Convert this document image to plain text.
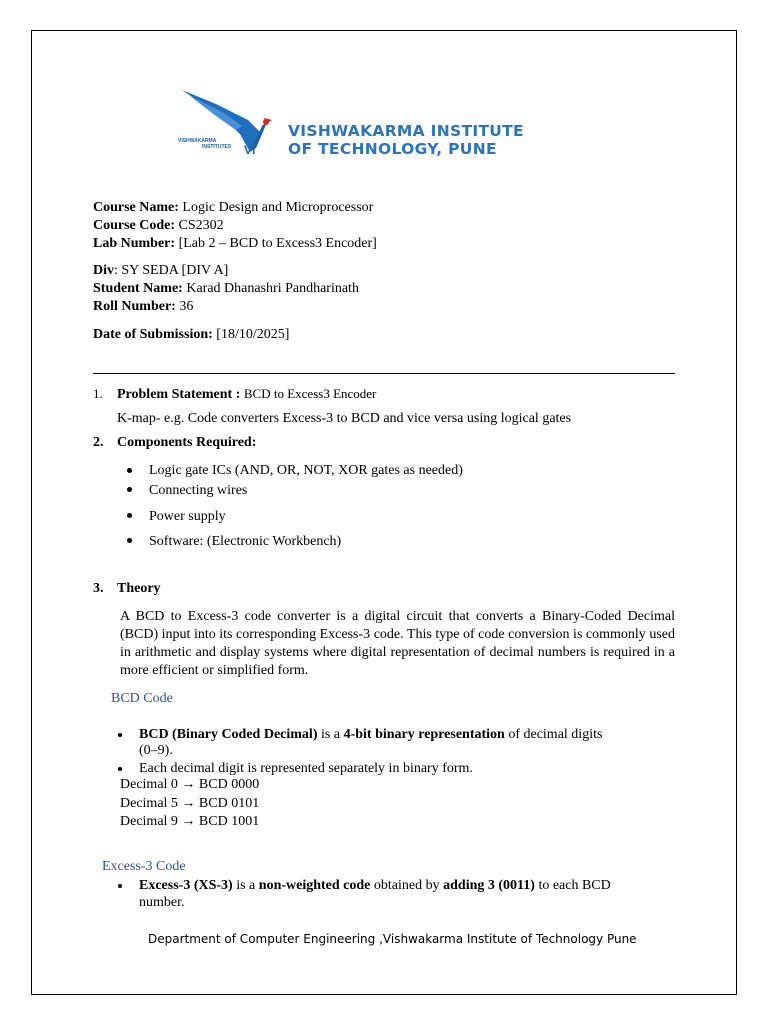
VISHWAKARMA
INSTITUTES VI
VISHWAKARMA INSTITUTE
OF TECHNOLOGY, PUNE
Course Name: Logic Design and Microprocessor
Course Code: CS2302
Lab Number: [Lab 2 – BCD to Excess3 Encoder]
Div: SY SEDA [DIV A]
Student Name: Karad Dhanashri Pandharinath
Roll Number: 36
Date of Submission: [18/10/2025]
1. Problem Statement : BCD to Excess3 Encoder
K-map- e.g. Code converters Excess-3 to BCD and vice versa using logical gates
2. Components Required:
Logic gate ICs (AND, OR, NOT, XOR gates as needed)
Connecting wires
Power supply
Software: (Electronic Workbench)
3. Theory
A BCD to Excess-3 code converter is a digital circuit that converts a Binary-Coded Decimal (BCD) input into its corresponding Excess-3 code. This type of code conversion is commonly used in arithmetic and display systems where digital representation of decimal numbers is required in a more efficient or simplified form.
BCD Code
BCD (Binary Coded Decimal) is a 4-bit binary representation of decimal digits
(0–9).
Each decimal digit is represented separately in binary form.
Decimal 0 → BCD 0000
Decimal 5 → BCD 0101
Decimal 9 → BCD 1001
Excess-3 Code
Excess-3 (XS-3) is a non-weighted code obtained by adding 3 (0011) to each BCD
number.
Department of Computer Engineering ,Vishwakarma Institute of Technology Pune
